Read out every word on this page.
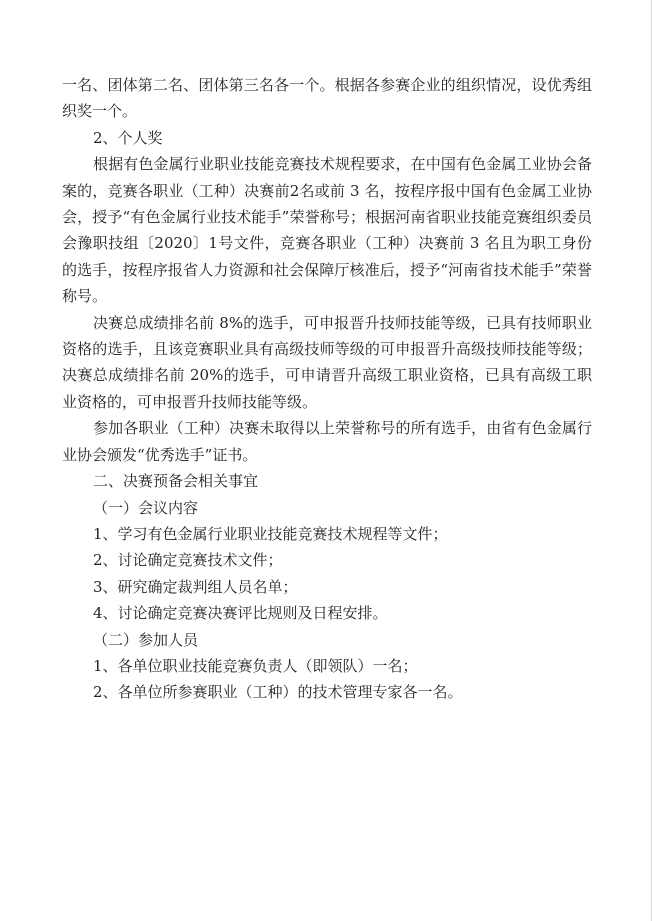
一名、团体第二名、团体第三名各一个。根据各参赛企业的组织情况，设优秀组织奖一个。

2、个人奖

根据有色金属行业职业技能竞赛技术规程要求，在中国有色金属工业协会备案的，竞赛各职业（工种）决赛前2名或前 3 名，按程序报中国有色金属工业协会，授予“有色金属行业技术能手”荣誉称号；根据河南省职业技能竞赛组织委员会豫职技组〔2020〕1号文件，竞赛各职业（工种）决赛前 3 名且为职工身份的选手，按程序报省人力资源和社会保障厅核准后，授予“河南省技术能手”荣誉称号。

决赛总成绩排名前 8%的选手，可申报晋升技师技能等级，已具有技师职业资格的选手，且该竞赛职业具有高级技师等级的可申报晋升高级技师技能等级；决赛总成绩排名前 20%的选手，可申请晋升高级工职业资格，已具有高级工职业资格的，可申报晋升技师技能等级。

参加各职业（工种）决赛未取得以上荣誉称号的所有选手，由省有色金属行业协会颁发“优秀选手”证书。

二、决赛预备会相关事宜

（一）会议内容

1、学习有色金属行业职业技能竞赛技术规程等文件；

2、讨论确定竞赛技术文件；

3、研究确定裁判组人员名单；

4、讨论确定竞赛决赛评比规则及日程安排。

（二）参加人员

1、各单位职业技能竞赛负责人（即领队）一名；

2、各单位所参赛职业（工种）的技术管理专家各一名。
